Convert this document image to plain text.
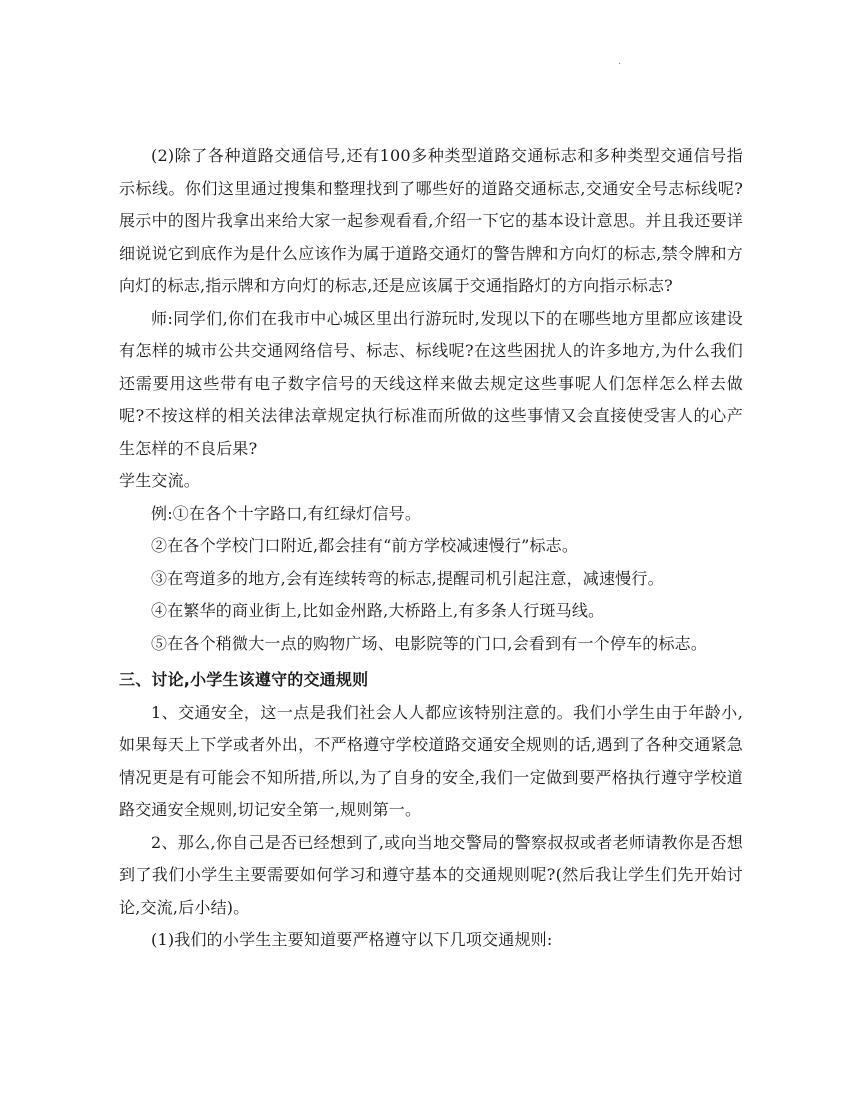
.

(2)除了各种道路交通信号,还有100多种类型道路交通标志和多种类型交通信号指示标线。你们这里通过搜集和整理找到了哪些好的道路交通标志,交通安全号志标线呢?展示中的图片我拿出来给大家一起参观看看,介绍一下它的基本设计意思。并且我还要详细说说它到底作为是什么应该作为属于道路交通灯的警告牌和方向灯的标志,禁令牌和方向灯的标志,指示牌和方向灯的标志,还是应该属于交通指路灯的方向指示标志?

师:同学们,你们在我市中心城区里出行游玩时,发现以下的在哪些地方里都应该建设有怎样的城市公共交通网络信号、标志、标线呢?在这些困扰人的许多地方,为什么我们还需要用这些带有电子数字信号的天线这样来做去规定这些事呢人们怎样怎么样去做呢?不按这样的相关法律法章规定执行标准而所做的这些事情又会直接使受害人的心产生怎样的不良后果?

学生交流。

例:①在各个十字路口,有红绿灯信号。

②在各个学校门口附近,都会挂有“前方学校减速慢行”标志。

③在弯道多的地方,会有连续转弯的标志,提醒司机引起注意，减速慢行。

④在繁华的商业街上,比如金州路,大桥路上,有多条人行斑马线。

⑤在各个稍微大一点的购物广场、电影院等的门口,会看到有一个停车的标志。

三、讨论,小学生该遵守的交通规则

1、交通安全，这一点是我们社会人人都应该特别注意的。我们小学生由于年龄小,如果每天上下学或者外出，不严格遵守学校道路交通安全规则的话,遇到了各种交通紧急情况更是有可能会不知所措,所以,为了自身的安全,我们一定做到要严格执行遵守学校道路交通安全规则,切记安全第一,规则第一。

2、那么,你自己是否已经想到了,或向当地交警局的警察叔叔或者老师请教你是否想到了我们小学生主要需要如何学习和遵守基本的交通规则呢?(然后我让学生们先开始讨论,交流,后小结)。

(1)我们的小学生主要知道要严格遵守以下几项交通规则:
